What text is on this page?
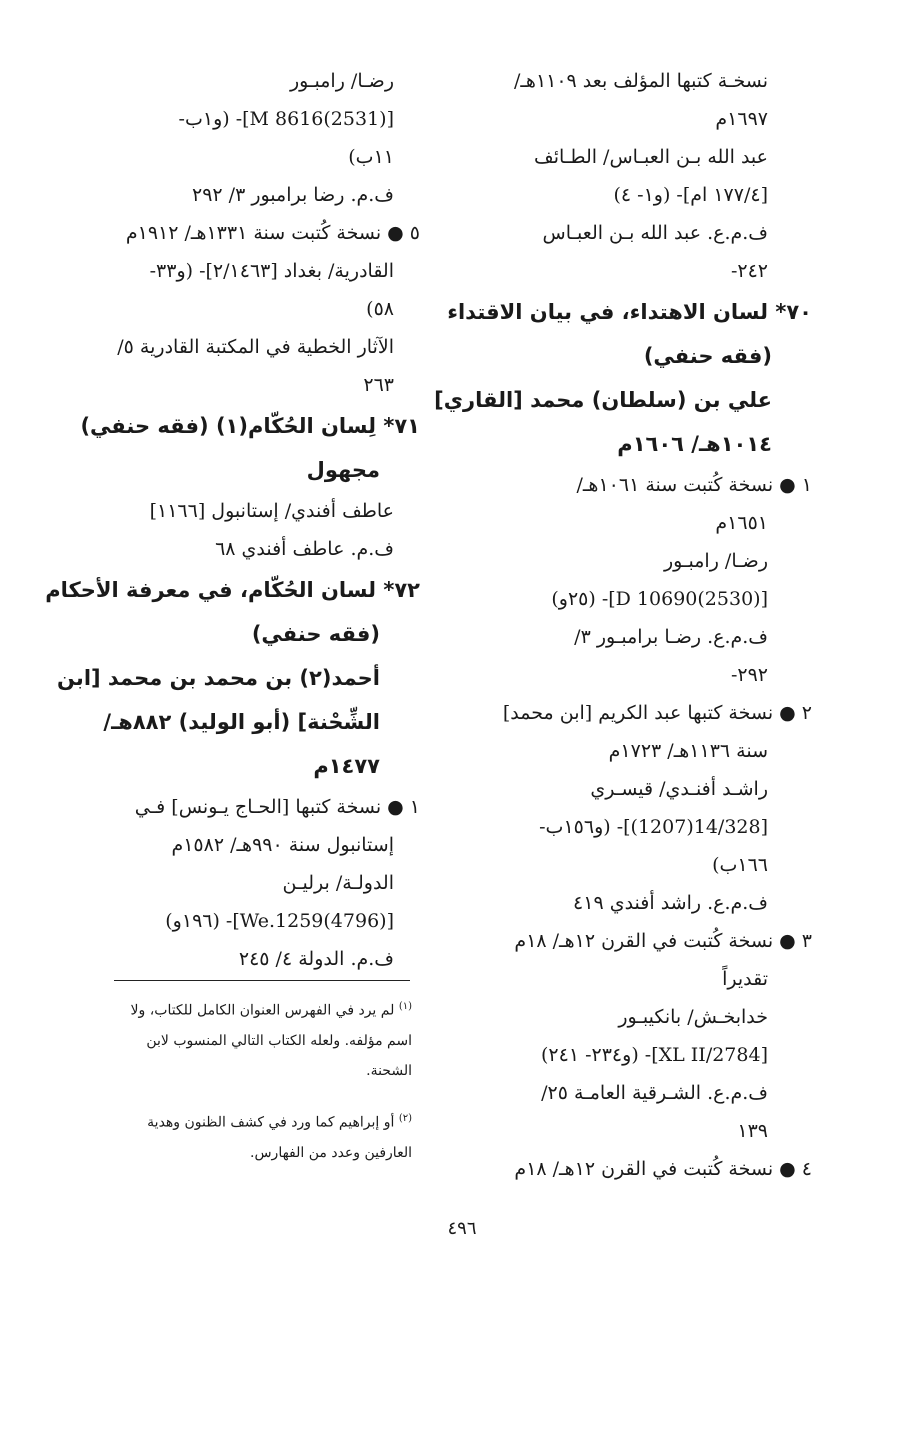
نسخـة كتبها المؤلف بعد ١١٠٩هـ/
١٦٩٧م
عبد الله بـن العبـاس/ الطـائف
[١٧٧/٤ ام]- (و١- ٤)
ف.م.ع. عبد الله بـن العبـاس
٢٤٢-
٧٠* لسان الاهتداء، في بيان الاقتداء
(فقه حنفي)
علي بن (سلطان) محمد [القاري]
١٠١٤هـ/ ١٦٠٦م
١ ● نسخة كُتبت سنة ١٠٦١هـ/
١٦٥١م
رضـا/ رامبـور
[D 10690(2530)]- (٢٥و)
ف.م.ع. رضـا برامبـور ٣/
٢٩٢-
٢ ● نسخة كتبها عبد الكريم [ابن محمد]
سنة ١١٣٦هـ/ ١٧٢٣م
راشـد أفنـدي/ قيسـري
[14/328(1207)]- (و١٥٦ب-
١٦٦ب)
ف.م.ع. راشد أفندي ٤١٩
٣ ● نسخة كُتبت في القرن ١٢هـ/ ١٨م
تقديراً
خدابخـش/ بانكيبـور
[2784/XL II]- (و٢٣٤- ٢٤١)
ف.م.ع. الشـرقية العامـة ٢٥/
١٣٩
٤ ● نسخة كُتبت في القرن ١٢هـ/ ١٨م
رضـا/ رامبـور
[M 8616(2531)]- (و١ب-
١١ب)
ف.م. رضا برامبور ٣/ ٢٩٢
٥ ● نسخة كُتبت سنة ١٣٣١هـ/ ١٩١٢م
القادرية/ بغداد [٢/١٤٦٣]- (و٣٣-
٥٨)
الآثار الخطية في المكتبة القادرية ٥/
٢٦٣
٧١* لِسان الحُكّام(١) (فقه حنفي)
مجهول
عاطف أفندي/ إستانبول [١١٦٦]
ف.م. عاطف أفندي ٦٨
٧٢* لسان الحُكّام، في معرفة الأحكام
(فقه حنفي)
أحمد(٢) بن محمد بن محمد [ابن
الشِّحْنة] (أبو الوليد) ٨٨٢هـ/
١٤٧٧م
١ ● نسخة كتبها [الحـاج يـونس] فـي
إستانبول سنة ٩٩٠هـ/ ١٥٨٢م
الدولـة/ برليـن
[We.1259(4796)]- (١٩٦و)
ف.م. الدولة ٤/ ٢٤٥
$^{(١)}$ لم يرد في الفهرس العنوان الكامل للكتاب، ولا
اسم مؤلفه. ولعله الكتاب التالي المنسوب لابن
الشحنة.
$^{(٢)}$ أو إبراهيم كما ورد في كشف الظنون وهدية
العارفين وعدد من الفهارس.
٤٩٦
